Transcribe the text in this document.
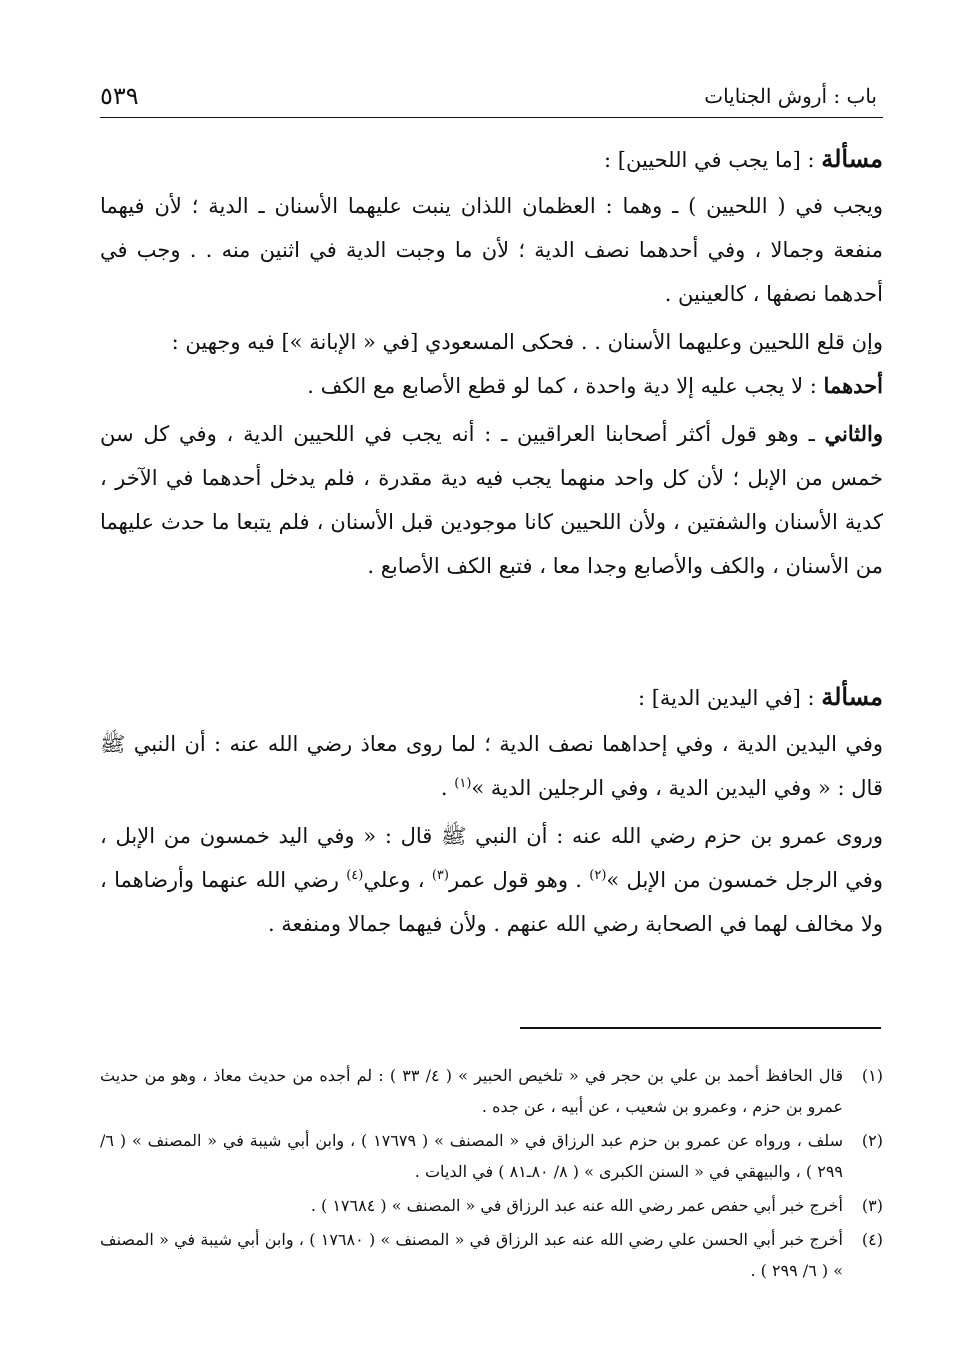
باب : أروش الجنايات
٥٣٩
مسألة : [ما يجب في اللحيين] :

ويجب في ( اللحيين ) ـ وهما : العظمان اللذان ينبت عليهما الأسنان ـ الدية ؛ لأن فيهما منفعة وجمالا ، وفي أحدهما نصف الدية ؛ لأن ما وجبت الدية في اثنين منه . . وجب في أحدهما نصفها ، كالعينين .

وإن قلع اللحيين وعليهما الأسنان . . فحكى المسعودي [في « الإبانة »] فيه وجهين :

أحدهما : لا يجب عليه إلا دية واحدة ، كما لو قطع الأصابع مع الكف .

والثاني ـ وهو قول أكثر أصحابنا العراقيين ـ : أنه يجب في اللحيين الدية ، وفي كل سن خمس من الإبل ؛ لأن كل واحد منهما يجب فيه دية مقدرة ، فلم يدخل أحدهما في الآخر ، كدية الأسنان والشفتين ، ولأن اللحيين كانا موجودين قبل الأسنان ، فلم يتبعا ما حدث عليهما من الأسنان ، والكف والأصابع وجدا معا ، فتبع الكف الأصابع .

مسألة : [في اليدين الدية] :

وفي اليدين الدية ، وفي إحداهما نصف الدية ؛ لما روى معاذ رضي الله عنه : أن النبي ﷺ قال : « وفي اليدين الدية ، وفي الرجلين الدية »$^{(١)}$ .

وروى عمرو بن حزم رضي الله عنه : أن النبي ﷺ قال : « وفي اليد خمسون من الإبل ، وفي الرجل خمسون من الإبل »$^{(٢)}$ . وهو قول عمر$^{(٣)}$ ، وعلي$^{(٤)}$ رضي الله عنهما وأرضاهما ، ولا مخالف لهما في الصحابة رضي الله عنهم . ولأن فيهما جمالا ومنفعة .

(١)
قال الحافظ أحمد بن علي بن حجر في « تلخيص الحبير » ( ٤/ ٣٣ ) : لم أجده من حديث معاذ ، وهو من حديث عمرو بن حزم ، وعمرو بن شعيب ، عن أبيه ، عن جده .
(٢)
سلف ، ورواه عن عمرو بن حزم عبد الرزاق في « المصنف » ( ١٧٦٧٩ ) ، وابن أبي شيبة في « المصنف » ( ٦/ ٢٩٩ ) ، والبيهقي في « السنن الكبرى » ( ٨/ ٨٠ـ٨١ ) في الديات .
(٣)
أخرج خبر أبي حفص عمر رضي الله عنه عبد الرزاق في « المصنف » ( ١٧٦٨٤ ) .
(٤)
أخرج خبر أبي الحسن علي رضي الله عنه عبد الرزاق في « المصنف » ( ١٧٦٨٠ ) ، وابن أبي شيبة في « المصنف » ( ٦/ ٢٩٩ ) .
